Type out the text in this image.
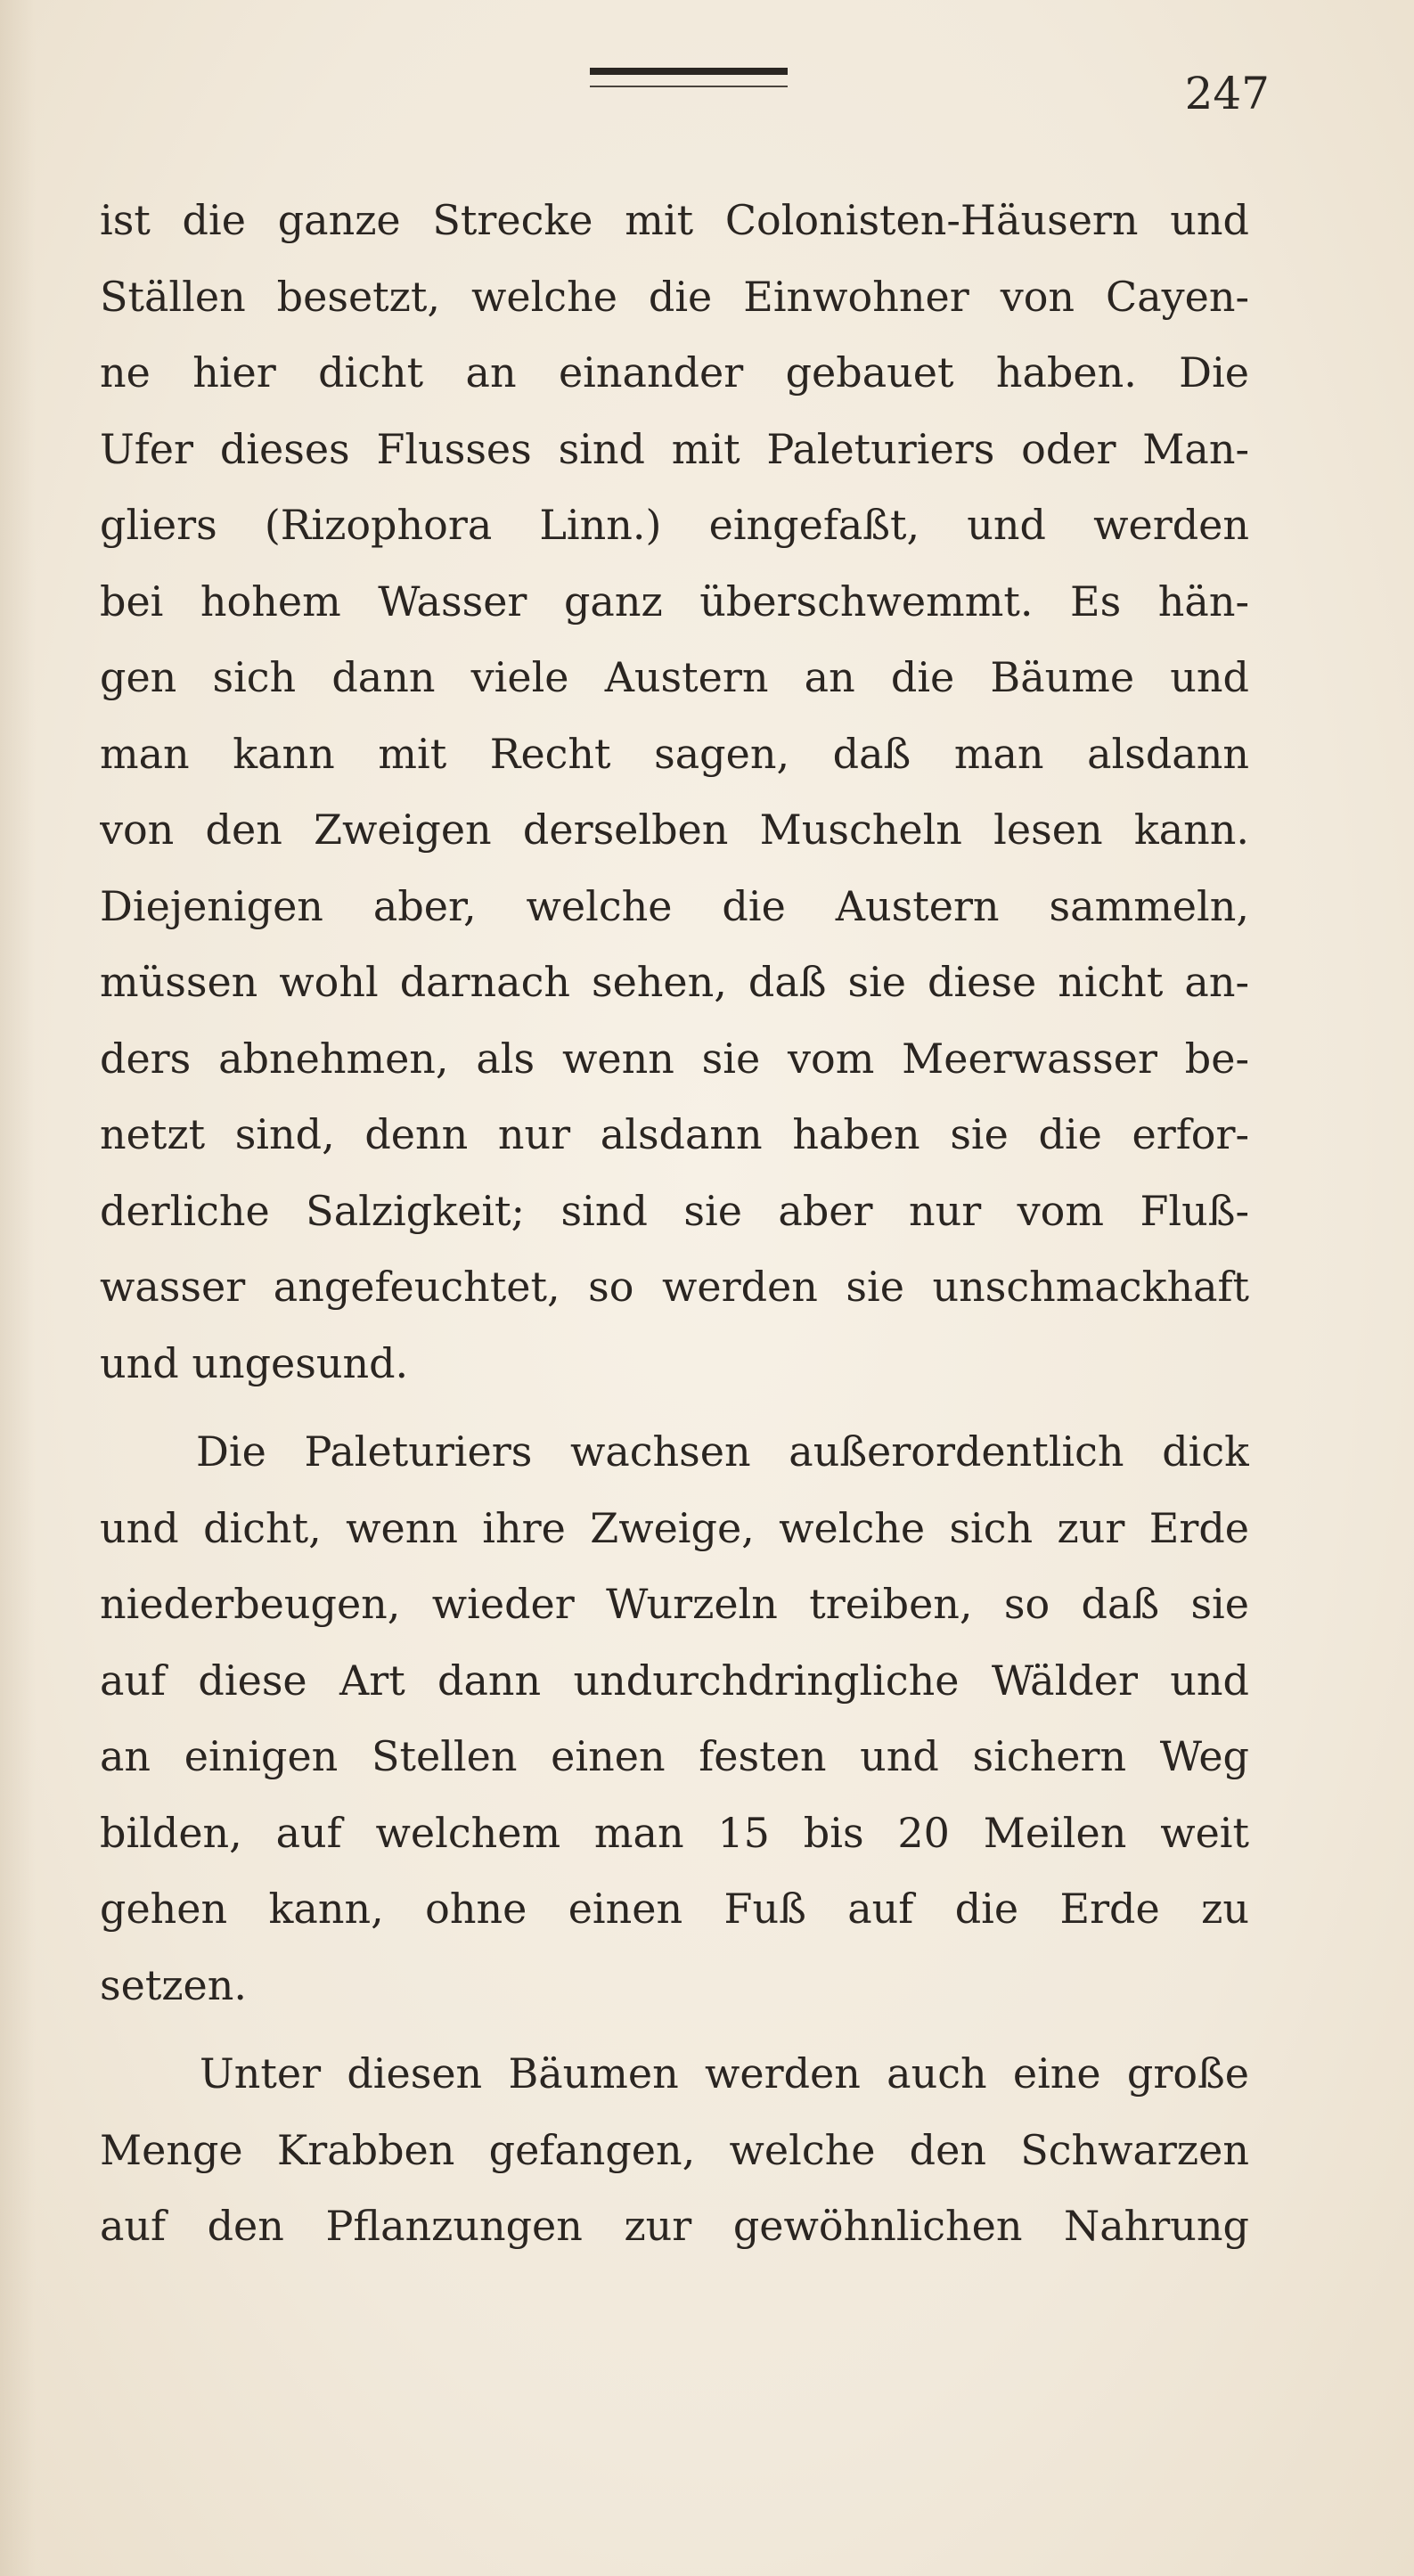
247
ist die ganze Strecke mit Colonisten-Häusern und
Ställen besetzt, welche die Einwohner von Cayen-
ne hier dicht an einander gebauet haben. Die
Ufer dieses Flusses sind mit Paleturiers oder Man-
gliers (Rizophora Linn.) eingefaßt, und werden
bei hohem Wasser ganz überschwemmt. Es hän-
gen sich dann viele Austern an die Bäume und
man kann mit Recht sagen, daß man alsdann
von den Zweigen derselben Muscheln lesen kann.
Diejenigen aber, welche die Austern sammeln,
müssen wohl darnach sehen, daß sie diese nicht an-
ders abnehmen, als wenn sie vom Meerwasser be-
netzt sind, denn nur alsdann haben sie die erfor-
derliche Salzigkeit; sind sie aber nur vom Fluß-
wasser angefeuchtet, so werden sie unschmackhaft
und ungesund.
Die Paleturiers wachsen außerordentlich dick
und dicht, wenn ihre Zweige, welche sich zur Erde
niederbeugen, wieder Wurzeln treiben, so daß sie
auf diese Art dann undurchdringliche Wälder und
an einigen Stellen einen festen und sichern Weg
bilden, auf welchem man 15 bis 20 Meilen weit
gehen kann, ohne einen Fuß auf die Erde zu
setzen.
Unter diesen Bäumen werden auch eine große
Menge Krabben gefangen, welche den Schwarzen
auf den Pflanzungen zur gewöhnlichen Nahrung
